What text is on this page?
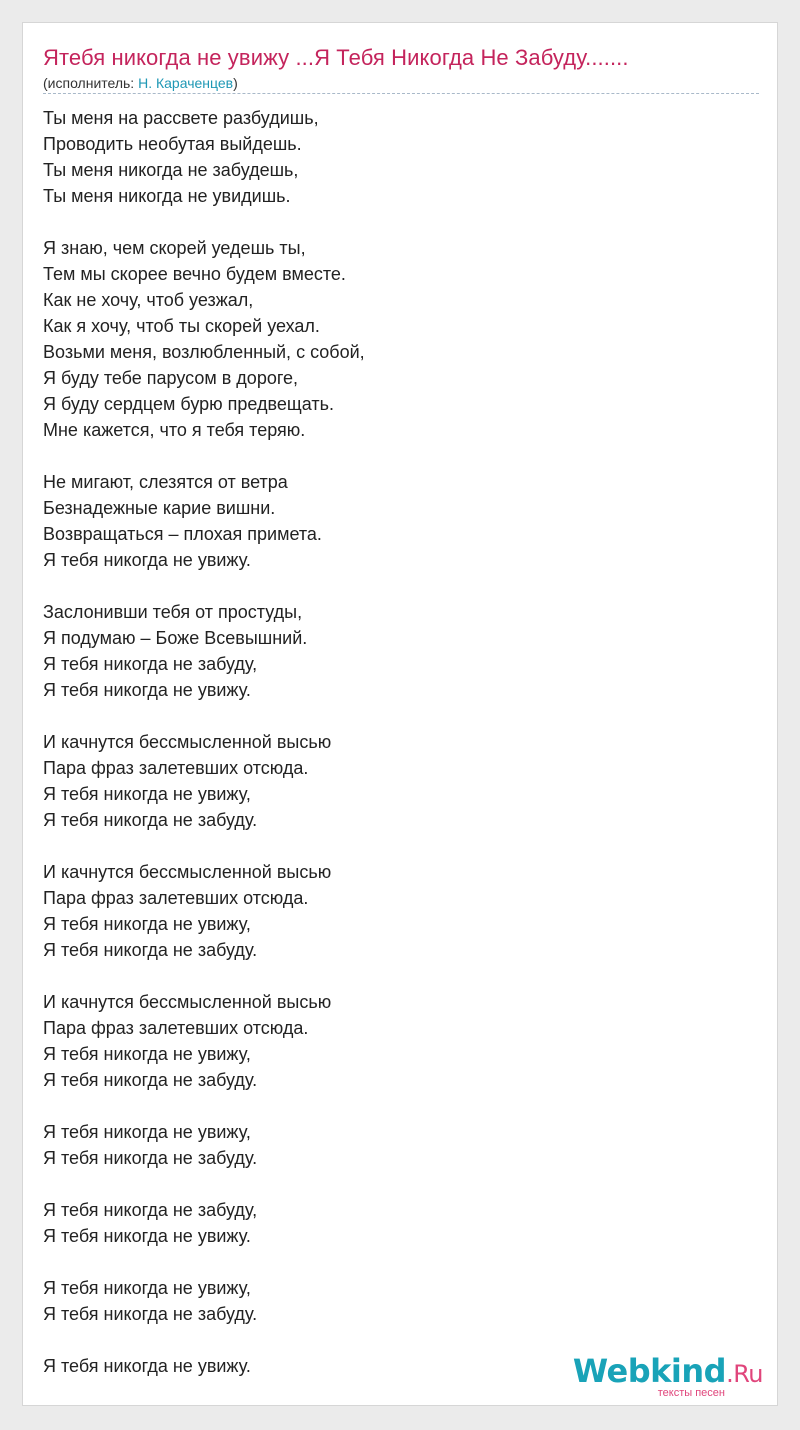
Ятебя никогда не увижу ...Я Тебя Никогда Не Забуду.......
(исполнитель: Н. Караченцев)
Ты меня на рассвете разбудишь,
Проводить необутая выйдешь.
Ты меня никогда не забудешь,
Ты меня никогда не увидишь.
Я знаю, чем скорей уедешь ты,
Тем мы скорее вечно будем вместе.
Как не хочу, чтоб уезжал,
Как я хочу, чтоб ты скорей уехал.
Возьми меня, возлюбленный, с собой,
Я буду тебе парусом в дороге,
Я буду сердцем бурю предвещать.
Мне кажется, что я тебя теряю.
Не мигают, слезятся от ветра
Безнадежные карие вишни.
Возвращаться – плохая примета.
Я тебя никогда не увижу.
Заслонивши тебя от простуды,
Я подумаю – Боже Всевышний.
Я тебя никогда не забуду,
Я тебя никогда не увижу.
И качнутся бессмысленной высью
Пара фраз залетевших отсюда.
Я тебя никогда не увижу,
Я тебя никогда не забуду.
И качнутся бессмысленной высью
Пара фраз залетевших отсюда.
Я тебя никогда не увижу,
Я тебя никогда не забуду.
И качнутся бессмысленной высью
Пара фраз залетевших отсюда.
Я тебя никогда не увижу,
Я тебя никогда не забуду.
Я тебя никогда не увижу,
Я тебя никогда не забуду.
Я тебя никогда не забуду,
Я тебя никогда не увижу.
Я тебя никогда не увижу,
Я тебя никогда не забуду.
Я тебя никогда не увижу.	Webkind.Ru
тексты песен
